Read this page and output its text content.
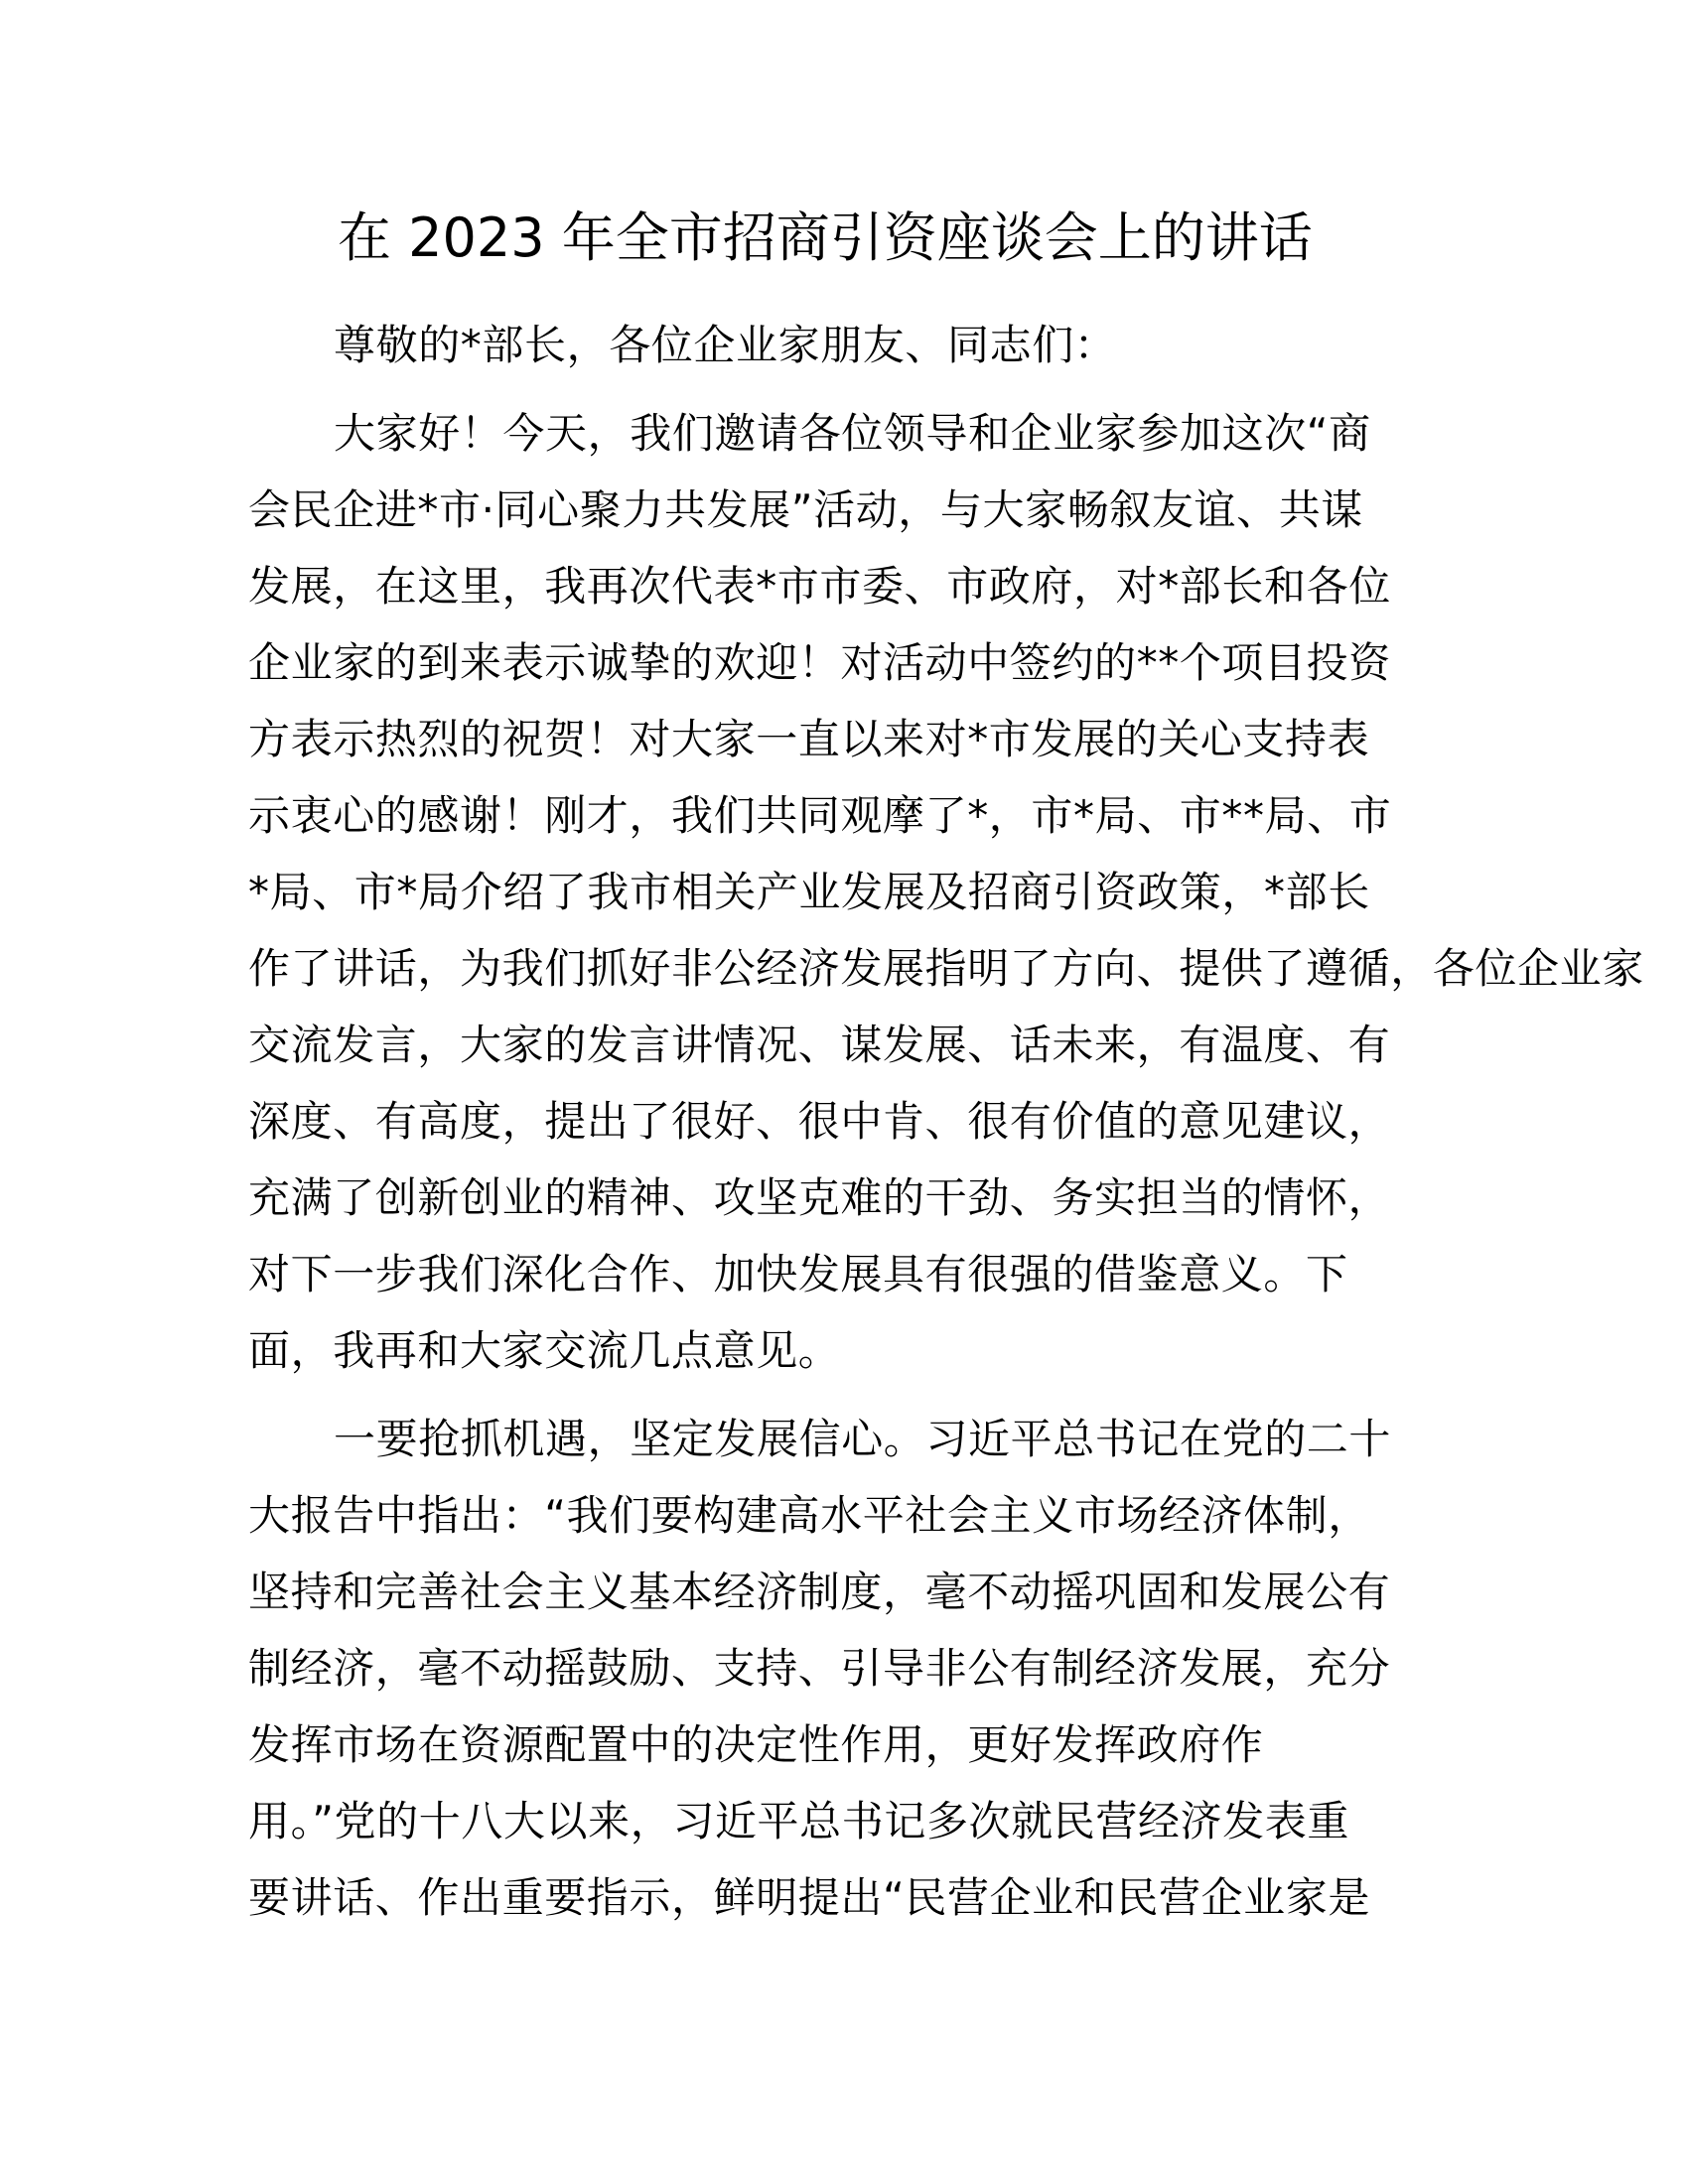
在 2023 年全市招商引资座谈会上的讲话
尊敬的*部长，各位企业家朋友、同志们：
大家好！今天，我们邀请各位领导和企业家参加这次“商
会民企进*市·同心聚力共发展”活动，与大家畅叙友谊、共谋
发展，在这里，我再次代表*市市委、市政府，对*部长和各位
企业家的到来表示诚挚的欢迎！对活动中签约的**个项目投资
方表示热烈的祝贺！对大家一直以来对*市发展的关心支持表
示衷心的感谢！刚才，我们共同观摩了*，市*局、市**局、市
*局、市*局介绍了我市相关产业发展及招商引资政策，*部长
作了讲话，为我们抓好非公经济发展指明了方向、提供了遵循，各位企业家
交流发言，大家的发言讲情况、谋发展、话未来，有温度、有
深度、有高度，提出了很好、很中肯、很有价值的意见建议，
充满了创新创业的精神、攻坚克难的干劲、务实担当的情怀，
对下一步我们深化合作、加快发展具有很强的借鉴意义。下
面，我再和大家交流几点意见。
一要抢抓机遇，坚定发展信心。习近平总书记在党的二十
大报告中指出：“我们要构建高水平社会主义市场经济体制，
坚持和完善社会主义基本经济制度，毫不动摇巩固和发展公有
制经济，毫不动摇鼓励、支持、引导非公有制经济发展，充分
发挥市场在资源配置中的决定性作用，更好发挥政府作
用。”党的十八大以来，习近平总书记多次就民营经济发表重
要讲话、作出重要指示，鲜明提出“民营企业和民营企业家是
